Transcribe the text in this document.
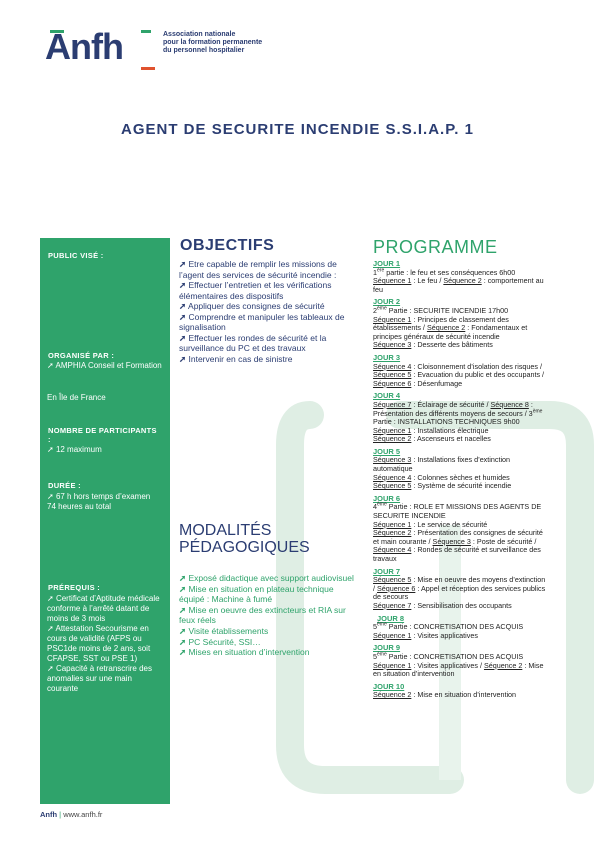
Anfh	Association nationale
pour la formation permanente
du personnel hospitalier
AGENT DE SECURITE INCENDIE S.S.I.A.P. 1
PUBLIC VISÉ :
ORGANISÉ PAR :
➚ AMPHIA Conseil et Formation
En Île de France
NOMBRE DE PARTICIPANTS :
➚ 12 maximum
DURÉE :
➚ 67 h hors temps d’examen
74 heures au total
PRÉREQUIS :

➚ Certificat d’Aptitude médicale conforme à l’arrêté datant de moins de 3 mois

➚ Attestation Secourisme en cours de validité (AFPS ou PSC1de moins de 2 ans, soit CFAPSE, SST ou PSE 1)

➚ Capacité à retranscrire des anomalies sur une main courante

OBJECTIFS

➚ Etre capable de remplir les missions de l’agent des services de sécurité incendie :

➚ Effectuer l’entretien et les vérifications élémentaires des dispositifs

➚ Appliquer des consignes de sécurité

➚ Comprendre et manipuler les tableaux de signalisation

➚ Effectuer les rondes de sécurité et la surveillance du PC et des travaux

➚ Intervenir en cas de sinistre

MODALITÉS
PÉDAGOGIQUES

➚ Exposé didactique avec support audiovisuel

➚ Mise en situation en plateau technique équipé : Machine à fumé

➚ Mise en oeuvre des extincteurs et RIA sur feux réels

➚ Visite établissements

➚ PC Sécurité, SSI…

➚ Mises en situation d’intervention

PROGRAMME
JOUR 1

1ère partie : le feu et ses conséquences 6h00

Séquence 1 : Le feu / Séquence 2 : comportement au feu

JOUR 2

2ème Partie : SECURITE INCENDIE 17h00

Séquence 1 : Principes de classement des établissements / Séquence 2 : Fondamentaux et principes généraux de sécurité incendie

Séquence 3 : Desserte des bâtiments

JOUR 3

Séquence 4 : Cloisonnement d’isolation des risques / Séquence 5 : Evacuation du public et des occupants / Séquence 6 : Désenfumage

JOUR 4

Séquence 7 : Éclairage de sécurité / Séquence 8 : Présentation des différents moyens de secours / 3ème Partie : INSTALLATIONS TECHNIQUES 9h00

Séquence 1 : Installations électrique

Séquence 2 : Ascenseurs et nacelles

JOUR 5

Séquence 3 : Installations fixes d’extinction automatique

Séquence 4 : Colonnes sèches et humides

Séquence 5 : Système de sécurité incendie

JOUR 6

4ème Partie : ROLE ET MISSIONS DES AGENTS DE SECURITE INCENDIE

Séquence 1 : Le service de sécurité

Séquence 2 : Présentation des consignes de sécurité et main courante / Séquence 3 : Poste de sécurité / Séquence 4 : Rondes de sécurité et surveillance des travaux

JOUR 7

Séquence 5 : Mise en oeuvre des moyens d’extinction / Séquence 6 : Appel et réception des services publics de secours

Séquence 7 : Sensibilisation des occupants

JOUR 8

5ème Partie : CONCRETISATION DES ACQUIS

Séquence 1 : Visites applicatives

JOUR 9

5ème Partie : CONCRETISATION DES ACQUIS

Séquence 1 : Visites applicatives / Séquence 2 : Mise en situation d’intervention

JOUR 10

Séquence 2 : Mise en situation d’intervention

Anfh | www.anfh.fr
